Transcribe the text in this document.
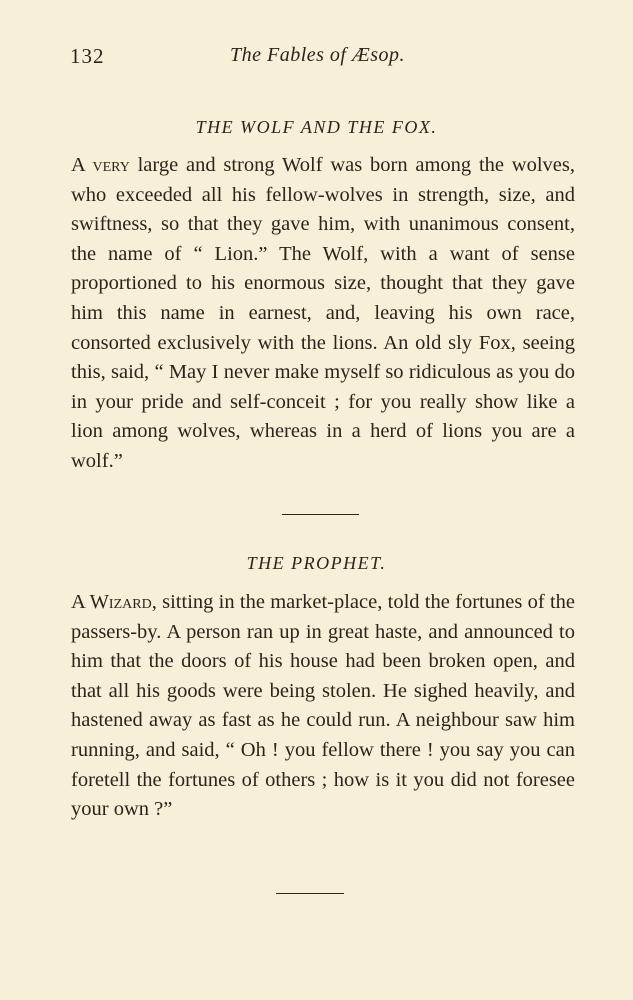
132	The Fables of Æsop.
THE WOLF AND THE FOX.

A very large and strong Wolf was born among the wolves, who exceeded all his fellow-wolves in strength, size, and swiftness, so that they gave him, with unanimous consent, the name of “ Lion.” The Wolf, with a want of sense proportioned to his enormous size, thought that they gave him this name in earnest, and, leaving his own race, consorted exclusively with the lions. An old sly Fox, seeing this, said, “ May I never make myself so ridiculous as you do in your pride and self-conceit ; for you really show like a lion among wolves, whereas in a herd of lions you are a wolf.”

THE PROPHET.

A Wizard, sitting in the market-place, told the fortunes of the passers-by. A person ran up in great haste, and announced to him that the doors of his house had been broken open, and that all his goods were being stolen. He sighed heavily, and hastened away as fast as he could run. A neighbour saw him running, and said, “ Oh ! you fellow there ! you say you can foretell the fortunes of others ; how is it you did not foresee your own ?”
